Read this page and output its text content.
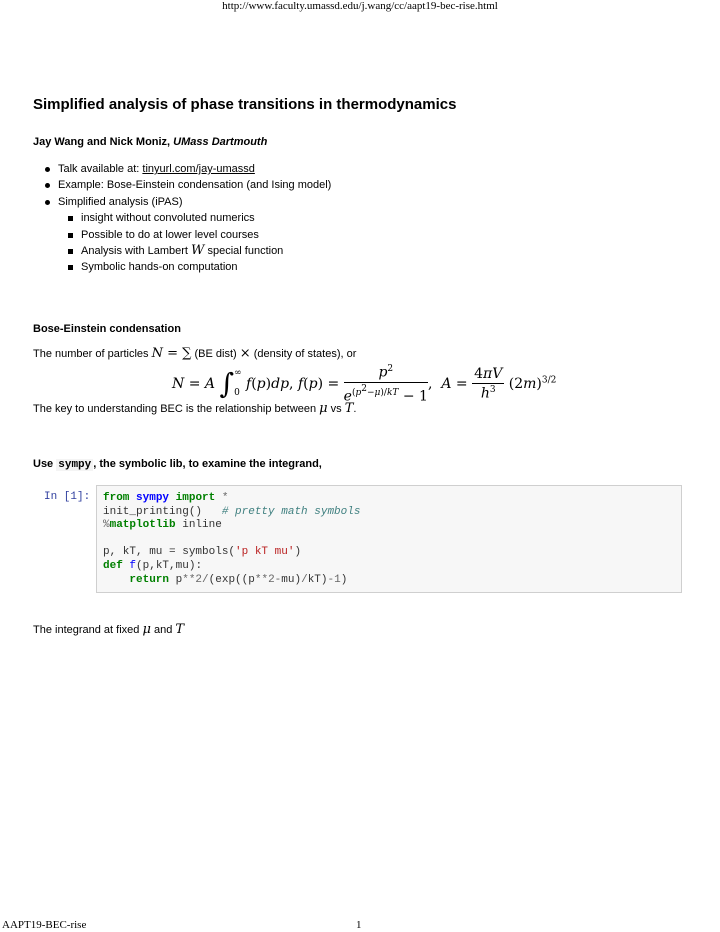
http://www.faculty.umassd.edu/j.wang/cc/aapt19-bec-rise.html
Simplified analysis of phase transitions in thermodynamics
Jay Wang and Nick Moniz, UMass Dartmouth
Talk available at: tinyurl.com/jay-umassd
Example: Bose-Einstein condensation (and Ising model)
Simplified analysis (iPAS)
insight without convoluted numerics
Possible to do at lower level courses
Analysis with Lambert W special function
Symbolic hands-on computation
Bose-Einstein condensation
The number of particles N = ∑ (BE dist) × (density of states), or
N = A ∫∞

0 f(p)dp, $f(p) = \frac{p^2}{e^{(p^2-\mu)/kT} - 1}$ ,  $A = \frac{4\pi V}{h^3} (2m)^{3/2}$
The key to understanding BEC is the relationship between μ vs T.
Use sympy , the symbolic lib, to examine the integrand,
In [1]: from sympy import *
init_printing()   # pretty math symbols
%matplotlib inline

p, kT, mu = symbols('p kT mu')
def f(p,kT,mu):
return p**2/(exp((p**2-mu)/kT)-1)
The integrand at fixed μ and T
AAPT19-BEC-rise	1
